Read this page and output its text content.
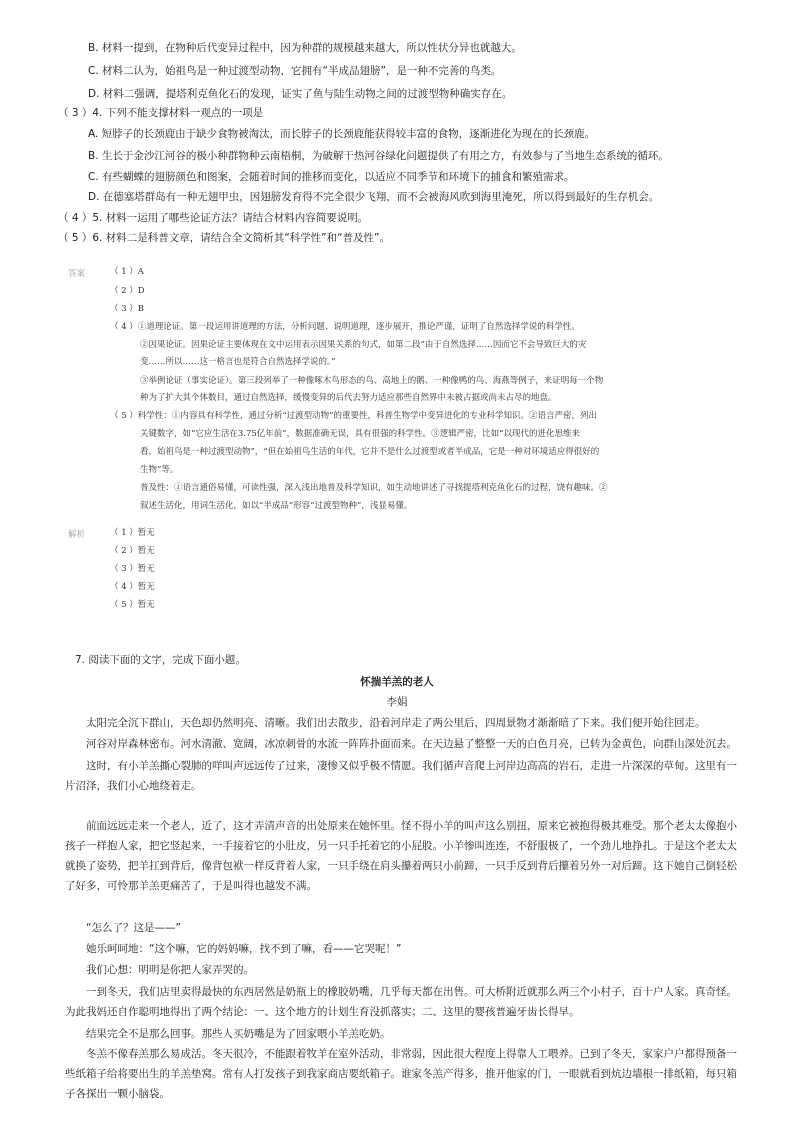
B. 材料一提到，在物种后代变异过程中，因为种群的规模越来越大，所以性状分异也就越大。
C. 材料二认为，始祖鸟是一种过渡型动物，它拥有“半成品翅膀”，是一种不完善的鸟类。
D. 材料二强调，提塔利克鱼化石的发现，证实了鱼与陆生动物之间的过渡型物种确实存在。
（ 3 ）4. 下列不能支撑材料一观点的一项是
A. 短脖子的长颈鹿由于缺少食物被淘汰，而长脖子的长颈鹿能获得较丰富的食物，逐渐进化为现在的长颈鹿。
B. 生长于金沙江河谷的极小种群物种云南梧桐，为破解干热河谷绿化问题提供了有用之方，有效参与了当地生态系统的循环。
C. 有些蝴蝶的翅膀颜色和图案，会随着时间的推移而变化，以适应不同季节和环境下的捕食和繁殖需求。
D. 在德塞塔群岛有一种无翅甲虫，因翅膀发育得不完全很少飞翔，而不会被海风吹到海里淹死，所以得到最好的生存机会。
（ 4 ）5. 材料一运用了哪些论证方法？请结合材料内容简要说明。
（ 5 ）6. 材料二是科普文章，请结合全文简析其“科学性”和“普及性”。
答案	（ 1 ）A
（ 2 ）D
（ 3 ）B
（ 4 ）①道理论证。第一段运用讲道理的方法，分析问题、说明道理，逐步展开，推论严谨，证明了自然选择学说的科学性。
②因果论证。因果论证主要体现在文中运用表示因果关系的句式，如第二段“由于自然选择……因而它不会导致巨大的灾
变……所以……这一格言也是符合自然选择学说的。”
③举例论证（事实论证）。第三段列举了一种像啄木鸟形态的鸟、高地上的鹅、一种像鸭的鸟、海燕等例子，来证明每一个物
种为了扩大其个体数目，通过自然选择，缓慢变异的后代去努力适应那些自然界中未被占据或尚未占尽的地盘。
（ 5 ）科学性：①内容具有科学性，通过分析“过渡型动物”的重要性，科普生物学中变异进化的专业科学知识。②语言严密，列出
关键数字，如“它应生活在3.75亿年前”，数据准确无误，具有很强的科学性。③逻辑严密，比如“以现代的进化思维来
看，始祖鸟是一种过渡型动物”，“但在始祖鸟生活的年代，它并不是什么过渡型或者半成品，它是一种对环境适应得很好的
生物”等。
普及性：①语言通俗易懂，可读性强，深入浅出地普及科学知识，如生动地讲述了寻找提塔利克鱼化石的过程，饶有趣味。②
叙述生活化，用词生活化，如以“半成品”形容“过渡型物种”，浅显易懂。
解析	（ 1 ）暂无
（ 2 ）暂无
（ 3 ）暂无
（ 4 ）暂无
（ 5 ）暂无
7. 阅读下面的文字，完成下面小题。
怀揣羊羔的老人
李娟
太阳完全沉下群山，天色却仍然明亮、清晰。我们出去散步，沿着河岸走了两公里后，四周景物才渐渐暗了下来。我们便开始往回走。
河谷对岸森林密布。河水清澈、宽阔，冰凉刺骨的水流一阵阵扑面而来。在天边悬了整整一天的白色月亮，已转为金黄色，向群山深处沉去。
这时，有小羊羔撕心裂肺的咩叫声远远传了过来，凄惨又似乎极不情愿。我们循声音爬上河岸边高高的岩石，走进一片深深的草甸。这里有一片沼泽，我们小心地绕着走。
前面远远走来一个老人，近了，这才弄清声音的出处原来在她怀里。怪不得小羊的叫声这么别扭，原来它被抱得极其难受。那个老太太像抱小孩子一样抱人家，把它竖起来，一手接着它的小肚皮，另一只手托着它的小屁股。小羊惨叫连连，不舒服极了，一个劲儿地挣扎。于是这个老太太就换了姿势，把羊扛到背后，像背包袱一样反背着人家，一只手绕在肩头攥着两只小前蹄，一只手反到背后攥着另外一对后蹄。这下她自己倒轻松了好多，可怜那羊羔更痛苦了，于是叫得也越发不满。
“怎么了？这是——”
她乐呵呵地：“这个嘛，它的妈妈嘛，找不到了嘛，看——它哭呢！”
我们心想：明明是你把人家弄哭的。
一到冬天，我们店里卖得最快的东西居然是奶瓶上的橡胶奶嘴，几乎每天都在出售。可大桥附近就那么两三个小村子，百十户人家。真奇怪。为此我妈还自作聪明地得出了两个结论：一、这个地方的计划生育没抓落实；二、这里的婴孩普遍牙齿长得早。
结果完全不是那么回事。那些人买奶嘴是为了回家喂小羊羔吃奶。
冬羔不像春羔那么易成活。冬天很冷，不能跟着牧羊在室外活动，非常弱，因此很大程度上得靠人工喂养。已到了冬天，家家户户都得预备一些纸箱子给将要出生的羊羔垫窝。常有人打发孩子到我家商店要纸箱子。谁家冬羔产得多，推开他家的门，一眼就看到炕边墙根一排纸箱，每只箱子各探出一颗小脑袋。
